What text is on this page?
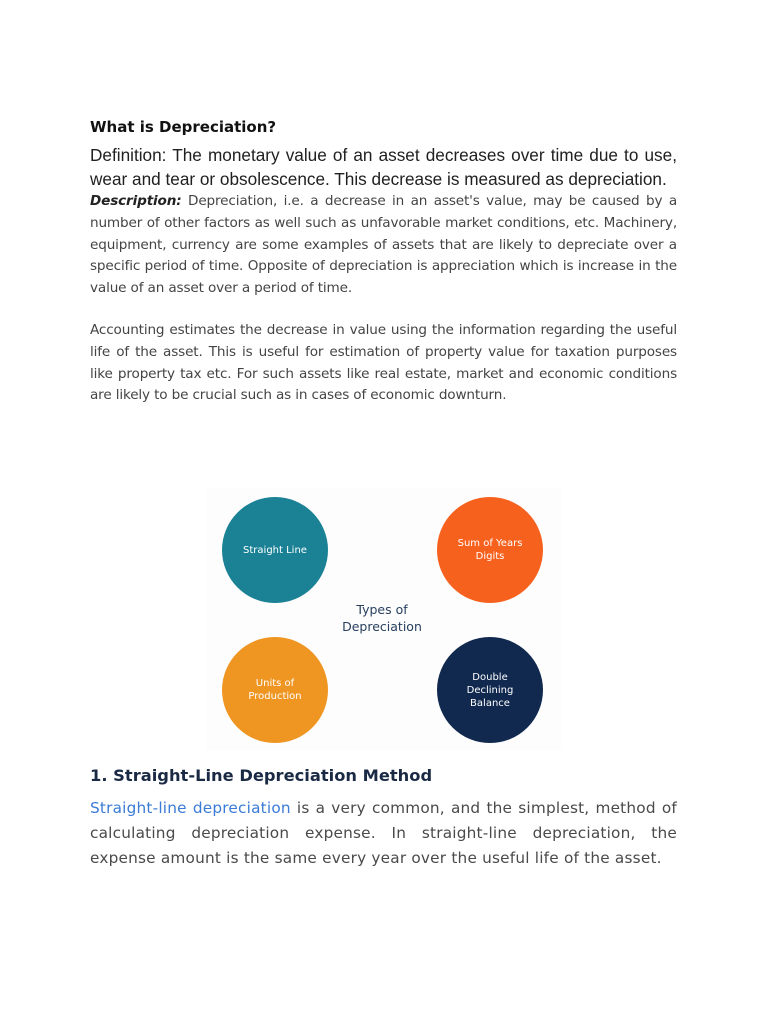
What is Depreciation?

Definition: The monetary value of an asset decreases over time due to use, wear and tear or obsolescence. This decrease is measured as depreciation.

Description: Depreciation, i.e. a decrease in an asset's value, may be caused by a number of other factors as well such as unfavorable market conditions, etc. Machinery, equipment, currency are some examples of assets that are likely to depreciate over a specific period of time. Opposite of depreciation is appreciation which is increase in the value of an asset over a period of time.

Accounting estimates the decrease in value using the information regarding the useful life of the asset. This is useful for estimation of property value for taxation purposes like property tax etc. For such assets like real estate, market and economic conditions are likely to be crucial such as in cases of economic downturn.

Straight Line
Sum of Years Digits
Types of
Depreciation
Units of Production
Double Declining Balance
1. Straight-Line Depreciation Method

Straight-line depreciation is a very common, and the simplest, method of calculating depreciation expense. In straight-line depreciation, the expense amount is the same every year over the useful life of the asset.
